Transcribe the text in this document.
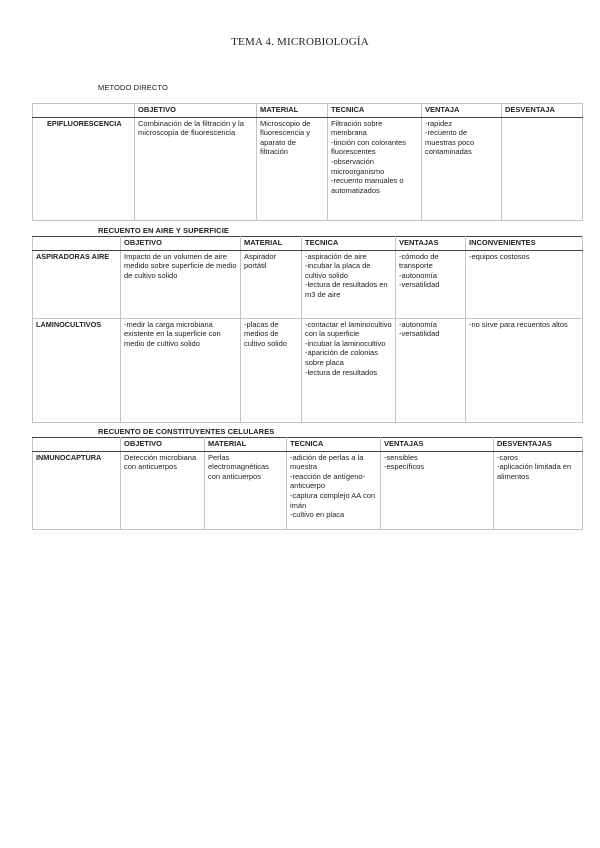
TEMA 4. MICROBIOLOGÍA
METODO DIRECTO
	OBJETIVO	MATERIAL	TECNICA	VENTAJA	DESVENTAJA
EPIFLUORESCENCIA	Combinación de la filtración y la microscopía de fluorescencia	Microscopio de fluorescencia y aparato de filtración	Filtración sobre membrana
-tinción con colorantes fluorescentes
-observación microorganismo
-recuento manuales o automatizados	-rapidez
-recuento de muestras poco contaminadas	

RECUENTO EN AIRE Y SUPERFICIE
	OBJETIVO	MATERIAL	TECNICA	VENTAJAS	INCONVENIENTES
ASPIRADORAS AIRE	Impacto de un volumen de aire medido sobre superficie de medio de cultivo solido	Aspirador portátil	-aspiración de aire
-incubar la placa de cultivo solido
-lectura de resultados en m3 de aire	-cómodo de transporte
-autonomía
-versatilidad	-equipos costosos
LAMINOCULTIVOS	-medir la carga microbiana existente en la superficie con medio de cultivo solido	-placas de medios de cultivo solido	-contactar el laminocultivo con la superficie
-incubar la laminocultivo
-aparición de colonias sobre placa
-lectura de resultados	-autonomía
-versatilidad	-no sirve para recuentos altos
RECUENTO DE CONSTITUYENTES CELULARES
	OBJETIVO	MATERIAL	TECNICA	VENTAJAS	DESVENTAJAS
INMUNOCAPTURA	Detección microbiana con anticuerpos	Perlas electromagnéticas con anticuerpos	-adición de perlas a la muestra
-reacción de antígeno-anticuerpo
-captura complejo AA con imán
-cultivo en placa	-sensibles
-específicos	-caros
-aplicación limitada en alimentos
